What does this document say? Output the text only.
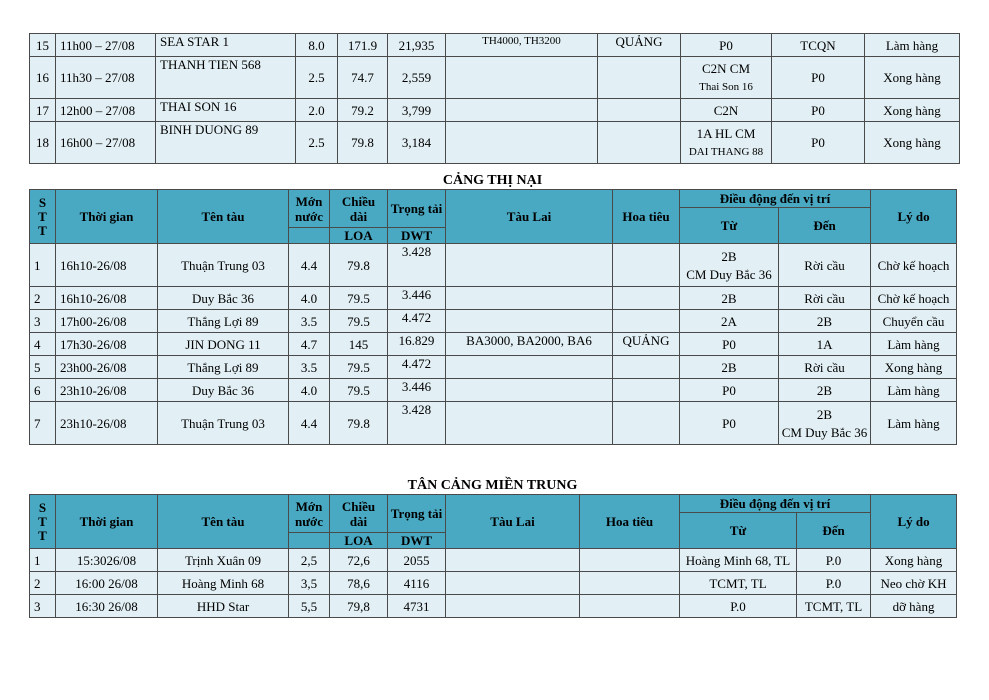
15	11h00 – 27/08	SEA STAR 1	8.0	171.9	21,935	TH4000, TH3200	QUẢNG	P0	TCQN	Làm hàng
16	11h30 – 27/08	THANH TIEN 568	2.5	74.7	2,559			C2N CM
Thai Son 16	P0	Xong hàng
17	12h00 – 27/08	THAI SON 16	2.0	79.2	3,799			C2N	P0	Xong hàng
18	16h00 – 27/08	BINH DUONG 89	2.5	79.8	3,184			1A HL CM
DAI THANG 88	P0	Xong hàng
CẢNG THỊ NẠI
S
T
T	Thời gian	Tên tàu	Mớn nước	Chiều dài	Trọng tải	Tàu Lai	Hoa tiêu	Điều động đến vị trí		Lý do
								Từ	Đến	
				LOA	DWT					
1	16h10-26/08	Thuận Trung 03	4.4	79.8	3.428			2B
CM Duy Bắc 36	Rời cầu	Chờ kế hoạch
2	16h10-26/08	Duy Bắc 36	4.0	79.5	3.446			2B	Rời cầu	Chờ kế hoạch
3	17h00-26/08	Thắng Lợi 89	3.5	79.5	4.472			2A	2B	Chuyển cầu
4	17h30-26/08	JIN DONG 11	4.7	145	16.829	BA3000, BA2000, BA6	QUẢNG	P0	1A	Làm hàng
5	23h00-26/08	Thắng Lợi 89	3.5	79.5	4.472			2B	Rời cầu	Xong hàng
6	23h10-26/08	Duy Bắc 36	4.0	79.5	3.446			P0	2B	Làm hàng
7	23h10-26/08	Thuận Trung 03	4.4	79.8	3.428			P0	2B
CM Duy Bắc 36	Làm hàng
TÂN CẢNG MIỀN TRUNG
S
T
T	Thời gian	Tên tàu	Mớn nước	Chiều dài	Trọng tải	Tàu Lai	Hoa tiêu	Điều động đến vị trí		Lý do
								Từ	Đến	
				LOA	DWT					
1	15:3026/08	Trịnh Xuân 09	2,5	72,6	2055			Hoàng Minh 68, TL	P.0	Xong hàng
2	16:00 26/08	Hoàng Minh 68	3,5	78,6	4116			TCMT, TL	P.0	Neo chờ KH
3	16:30 26/08	HHD Star	5,5	79,8	4731			P.0	TCMT, TL	dỡ hàng
